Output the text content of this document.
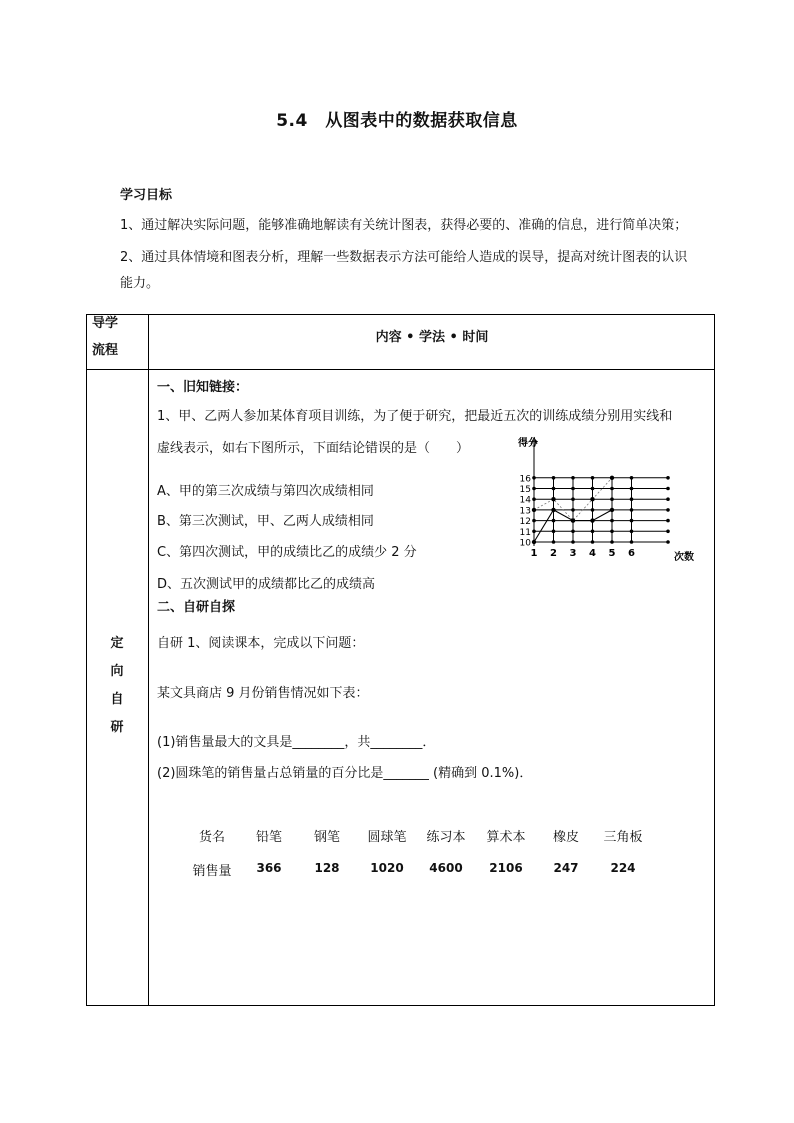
5.4　从图表中的数据获取信息
学习目标
1、通过解决实际问题，能够准确地解读有关统计图表，获得必要的、准确的信息，进行简单决策；
2、通过具体情境和图表分析，理解一些数据表示方法可能给人造成的误导，提高对统计图表的认识
能力。
导学
流程
内容 • 学法 • 时间
定
向
自
研
一、旧知链接：
1、甲、乙两人参加某体育项目训练，为了便于研究，把最近五次的训练成绩分别用实线和
虚线表示，如右下图所示，下面结论错误的是（　　）
A、甲的第三次成绩与第四次成绩相同
B、第三次测试，甲、乙两人成绩相同
C、第四次测试，甲的成绩比乙的成绩少 2 分
D、五次测试甲的成绩都比乙的成绩高
10
11
12
13
14
15
16
1 2 3 4 5 6
得分
次数
二、自研自探
自研 1、阅读课本，完成以下问题：
某文具商店 9 月份销售情况如下表：
(1)销售量最大的文具是________，共________．
(2)圆珠笔的销售量占总销量的百分比是_______ (精确到 0.1%)．
货名	铅笔	钢笔	圆球笔	练习本	算术本	橡皮	三角板
销售量	366	128	1020	4600	2106	247	224
